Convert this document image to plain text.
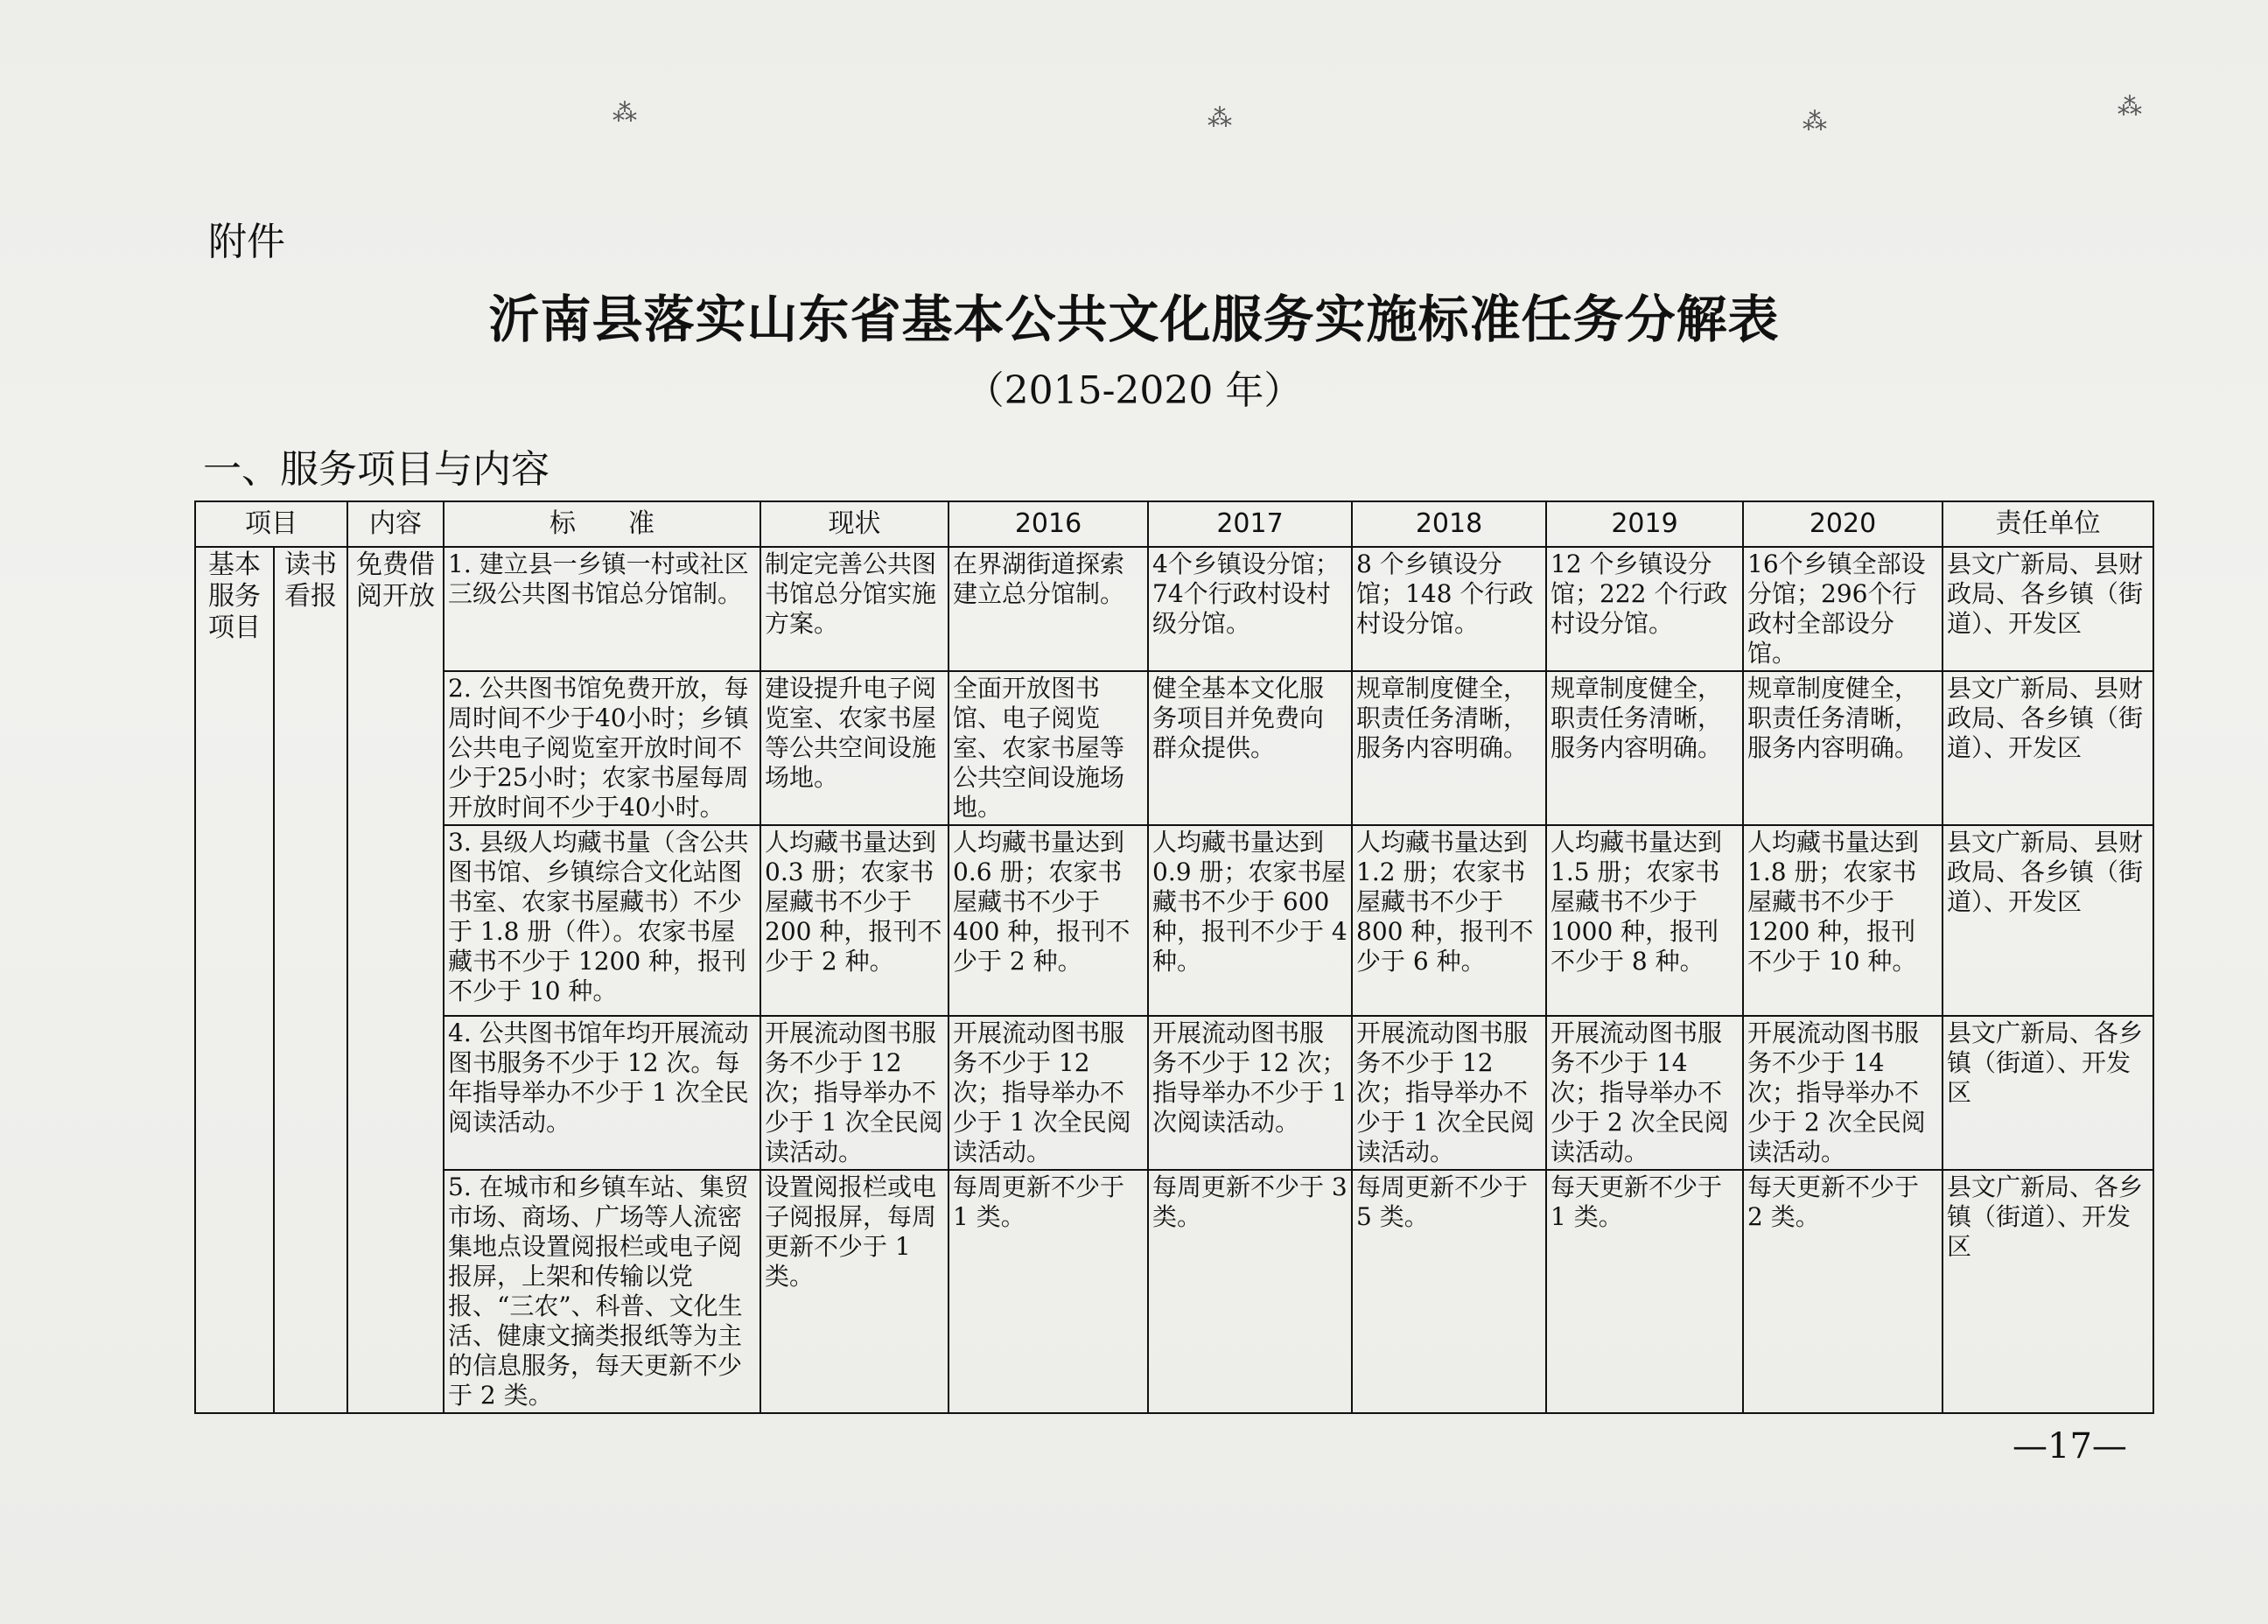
⁂	⁂	⁂
⁂
附件
沂南县落实山东省基本公共文化服务实施标准任务分解表
（2015-2020 年）
一、服务项目与内容
项目		内容	标　　准	现状	2016	2017	2018	2019	2020	责任单位
基本服务项目	读书看报	免费借阅开放	1. 建立县一乡镇一村或社区三级公共图书馆总分馆制。	制定完善公共图书馆总分馆实施方案。	在界湖街道探索建立总分馆制。	4个乡镇设分馆；74个行政村设村级分馆。	8 个乡镇设分馆；148 个行政村设分馆。	12 个乡镇设分馆；222 个行政村设分馆。	16个乡镇全部设分馆；296个行政村全部设分馆。	县文广新局、县财政局、各乡镇（街道）、开发区
			2. 公共图书馆免费开放，每周时间不少于40小时；乡镇公共电子阅览室开放时间不少于25小时；农家书屋每周开放时间不少于40小时。	建设提升电子阅览室、农家书屋等公共空间设施场地。	全面开放图书馆、电子阅览室、农家书屋等公共空间设施场地。	健全基本文化服务项目并免费向群众提供。	规章制度健全，职责任务清晰，服务内容明确。	规章制度健全，职责任务清晰，服务内容明确。	规章制度健全，职责任务清晰，服务内容明确。	县文广新局、县财政局、各乡镇（街道）、开发区
			3. 县级人均藏书量（含公共图书馆、乡镇综合文化站图书室、农家书屋藏书）不少于 1.8 册（件）。农家书屋藏书不少于 1200 种，报刊不少于 10 种。	人均藏书量达到 0.3 册；农家书屋藏书不少于 200 种，报刊不少于 2 种。	人均藏书量达到 0.6 册；农家书屋藏书不少于 400 种，报刊不少于 2 种。	人均藏书量达到 0.9 册；农家书屋藏书不少于 600 种，报刊不少于 4 种。	人均藏书量达到 1.2 册；农家书屋藏书不少于 800 种，报刊不少于 6 种。	人均藏书量达到 1.5 册；农家书屋藏书不少于 1000 种，报刊不少于 8 种。	人均藏书量达到 1.8 册；农家书屋藏书不少于 1200 种，报刊不少于 10 种。	县文广新局、县财政局、各乡镇（街道）、开发区
			4. 公共图书馆年均开展流动图书服务不少于 12 次。每年指导举办不少于 1 次全民阅读活动。	开展流动图书服务不少于 12 次；指导举办不少于 1 次全民阅读活动。	开展流动图书服务不少于 12 次；指导举办不少于 1 次全民阅读活动。	开展流动图书服务不少于 12 次；指导举办不少于 1 次阅读活动。	开展流动图书服务不少于 12 次；指导举办不少于 1 次全民阅读活动。	开展流动图书服务不少于 14 次；指导举办不少于 2 次全民阅读活动。	开展流动图书服务不少于 14 次；指导举办不少于 2 次全民阅读活动。	县文广新局、各乡镇（街道）、开发区
			5. 在城市和乡镇车站、集贸市场、商场、广场等人流密集地点设置阅报栏或电子阅报屏，上架和传输以党报、“三农”、科普、文化生活、健康文摘类报纸等为主的信息服务，每天更新不少于 2 类。	设置阅报栏或电子阅报屏，每周更新不少于 1 类。	每周更新不少于 1 类。	每周更新不少于 3 类。	每周更新不少于 5 类。	每天更新不少于 1 类。	每天更新不少于 2 类。	县文广新局、各乡镇（街道）、开发区
—17—
